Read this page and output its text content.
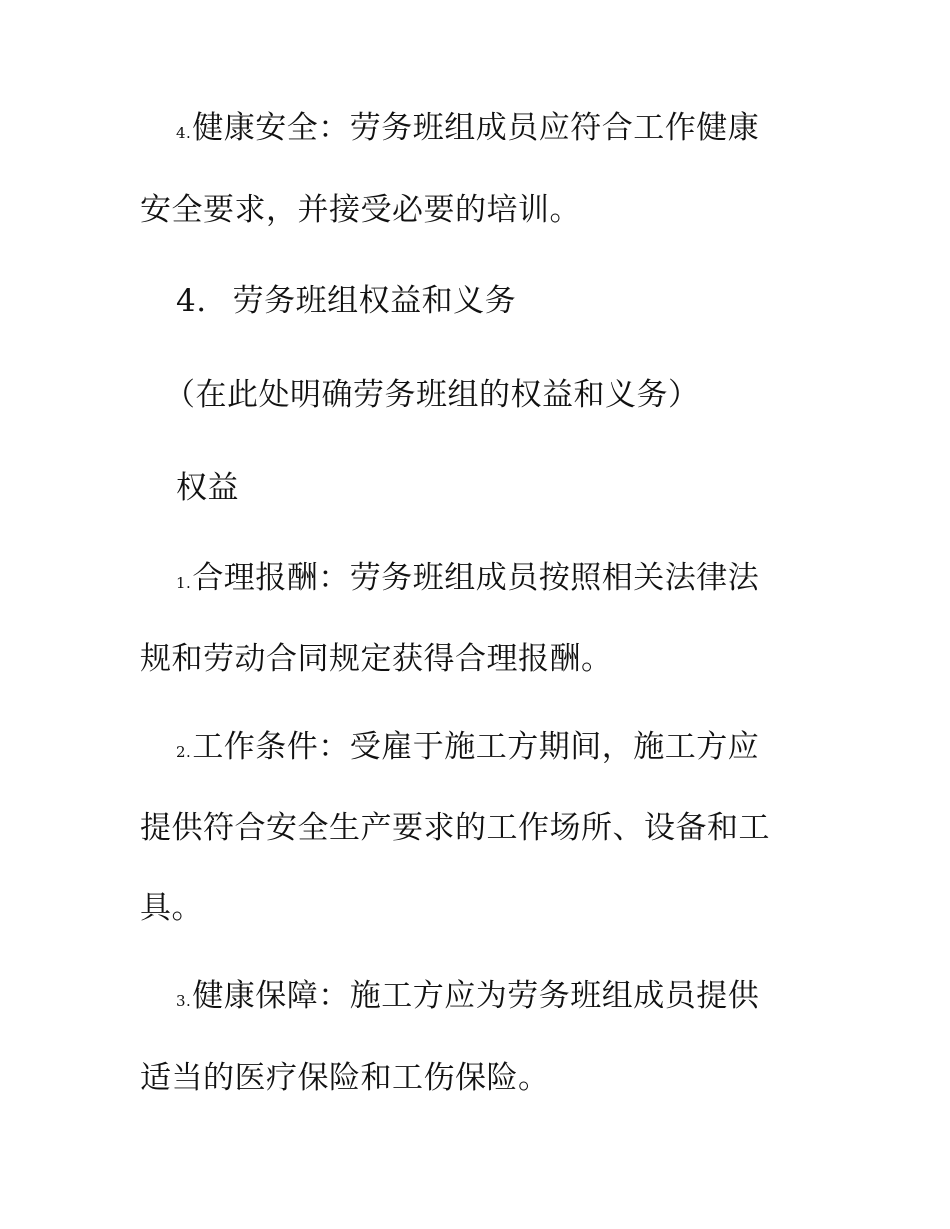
4.健康安全：劳务班组成员应符合工作健康
安全要求，并接受必要的培训。
4. 劳务班组权益和义务
（在此处明确劳务班组的权益和义务）
权益
1.合理报酬：劳务班组成员按照相关法律法
规和劳动合同规定获得合理报酬。
2.工作条件：受雇于施工方期间，施工方应
提供符合安全生产要求的工作场所、设备和工
具。
3.健康保障：施工方应为劳务班组成员提供
适当的医疗保险和工伤保险。
